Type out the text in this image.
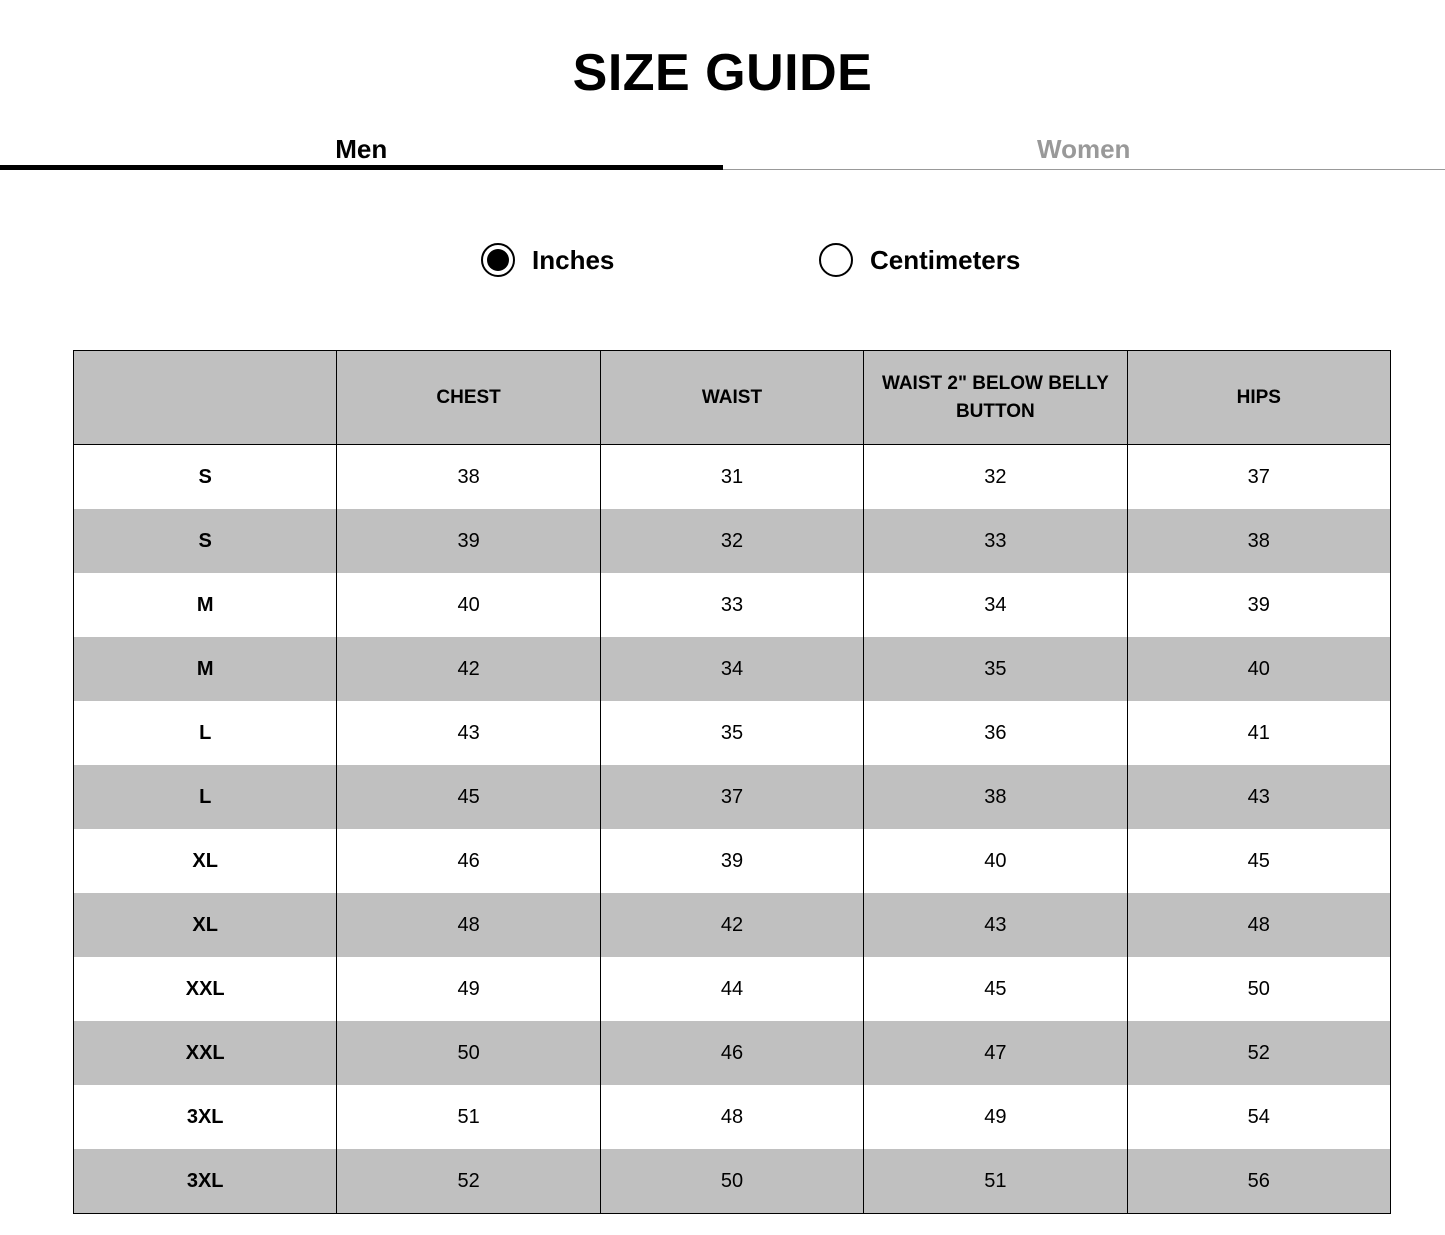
SIZE GUIDE
Men	Women
Inches	Centimeters
	CHEST	WAIST	WAIST 2" BELOW BELLY BUTTON	HIPS
S	38	31	32	37
S	39	32	33	38
M	40	33	34	39
M	42	34	35	40
L	43	35	36	41
L	45	37	38	43
XL	46	39	40	45
XL	48	42	43	48
XXL	49	44	45	50
XXL	50	46	47	52
3XL	51	48	49	54
3XL	52	50	51	56
